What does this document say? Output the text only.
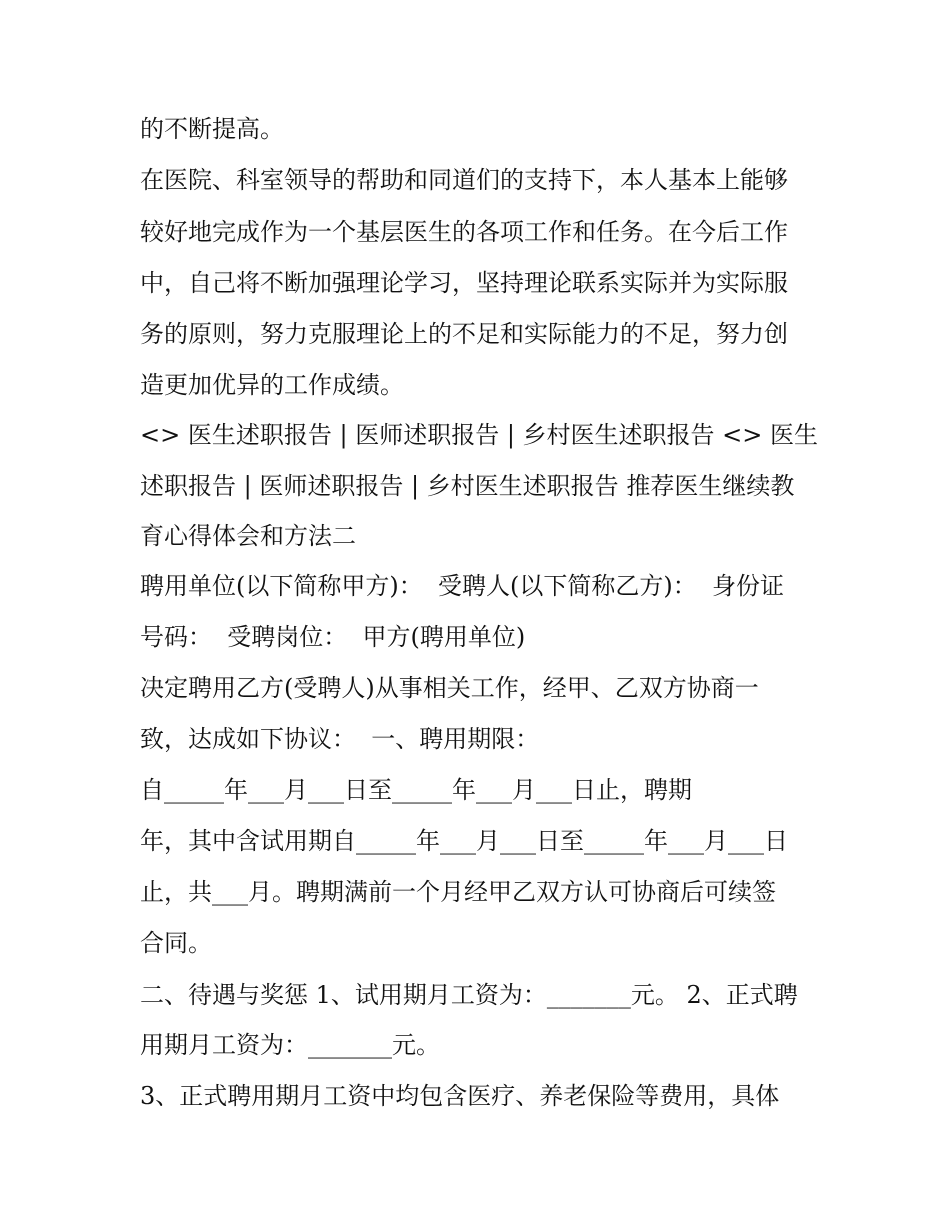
的不断提高。
在医院、科室领导的帮助和同道们的支持下，本人基本上能够
较好地完成作为一个基层医生的各项工作和任务。在今后工作
中，自己将不断加强理论学习，坚持理论联系实际并为实际服
务的原则，努力克服理论上的不足和实际能力的不足，努力创
造更加优异的工作成绩。
<> 医生述职报告 | 医师述职报告 | 乡村医生述职报告 <> 医生
述职报告 | 医师述职报告 | 乡村医生述职报告 推荐医生继续教
育心得体会和方法二
聘用单位(以下简称甲方)：  受聘人(以下简称乙方)：  身份证
号码：  受聘岗位：  甲方(聘用单位)
决定聘用乙方(受聘人)从事相关工作，经甲、乙双方协商一
致，达成如下协议：  一、聘用期限：
自_____年___月___日至_____年___月___日止，聘期
年，其中含试用期自_____年___月___日至_____年___月___日
止，共___月。聘期满前一个月经甲乙双方认可协商后可续签
合同。
二、待遇与奖惩 1、试用期月工资为：_______元。 2、正式聘
用期月工资为：_______元。
3、正式聘用期月工资中均包含医疗、养老保险等费用，具体
